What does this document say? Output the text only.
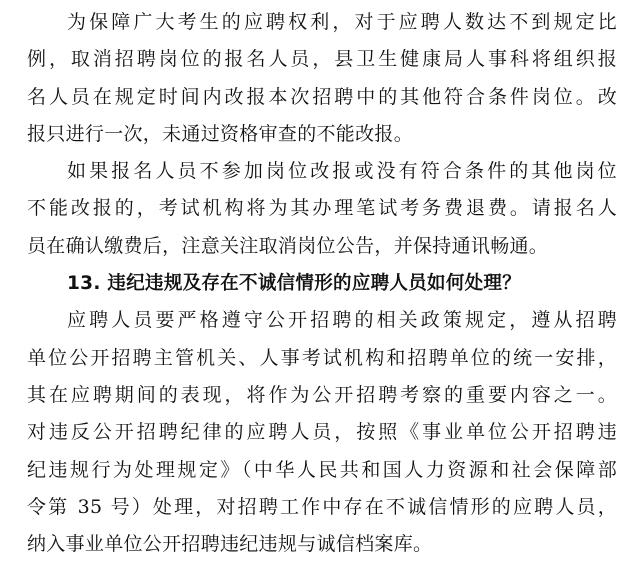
为保障广大考生的应聘权利，对于应聘人数达不到规定比
例，取消招聘岗位的报名人员，县卫生健康局人事科将组织报
名人员在规定时间内改报本次招聘中的其他符合条件岗位。改
报只进行一次，未通过资格审查的不能改报。
如果报名人员不参加岗位改报或没有符合条件的其他岗位
不能改报的，考试机构将为其办理笔试考务费退费。请报名人
员在确认缴费后，注意关注取消岗位公告，并保持通讯畅通。
13. 违纪违规及存在不诚信情形的应聘人员如何处理？
应聘人员要严格遵守公开招聘的相关政策规定，遵从招聘
单位公开招聘主管机关、人事考试机构和招聘单位的统一安排，
其在应聘期间的表现，将作为公开招聘考察的重要内容之一。
对违反公开招聘纪律的应聘人员，按照《事业单位公开招聘违
纪违规行为处理规定》（中华人民共和国人力资源和社会保障部
令第 35 号）处理，对招聘工作中存在不诚信情形的应聘人员，
纳入事业单位公开招聘违纪违规与诚信档案库。
